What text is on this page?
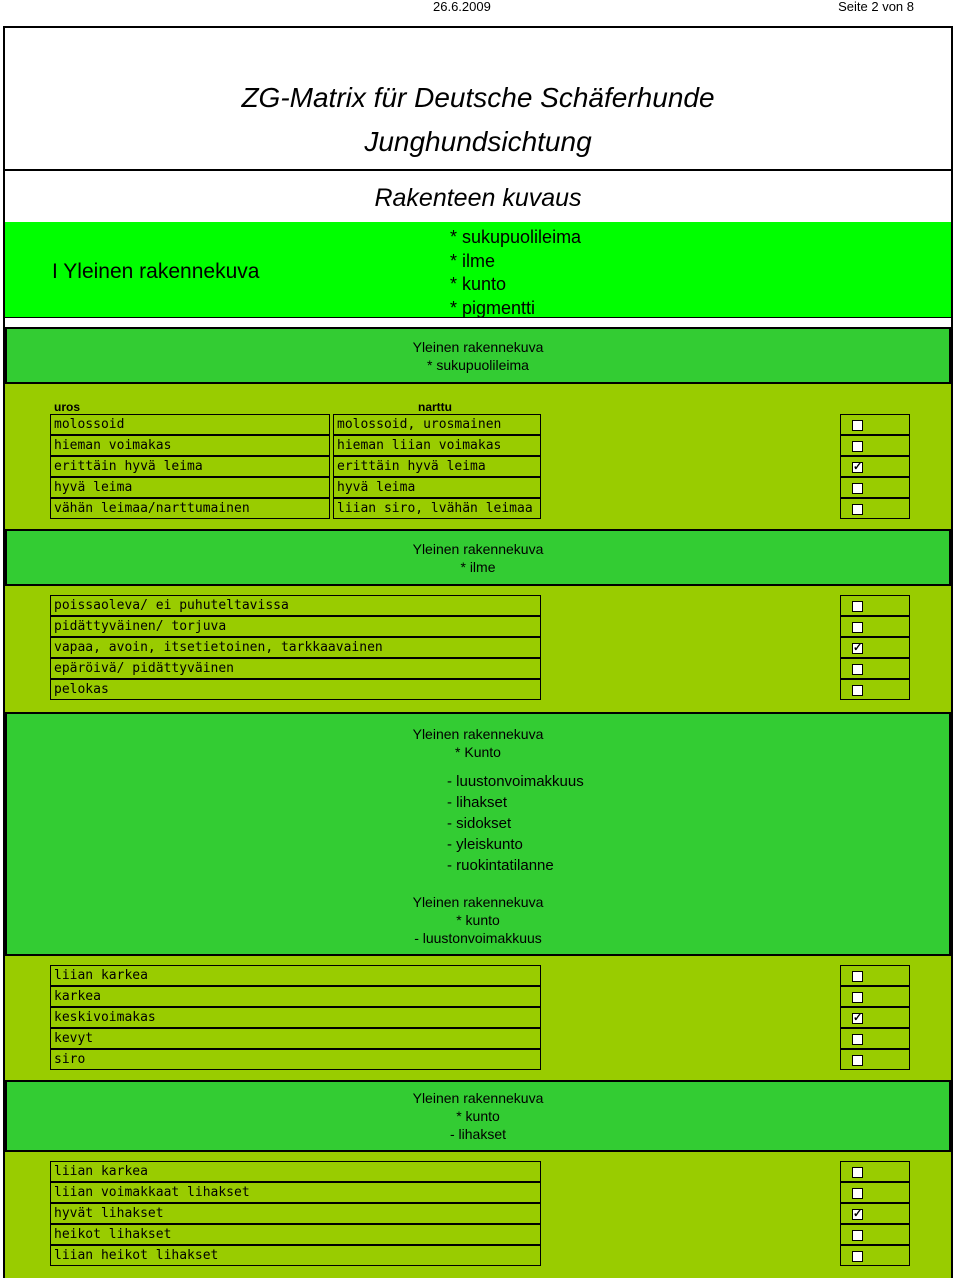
26.6.2009	Seite 2 von 8
ZG-Matrix für Deutsche Schäferhunde
Junghundsichtung
Rakenteen kuvaus
I Yleinen rakennekuva
* sukupuolileima
* ilme
* kunto
* pigmentti
Yleinen rakennekuva
* sukupuolileima
uros	narttu
molossoid	molossoid, urosmainen
hieman voimakas	hieman liian voimakas
erittäin hyvä leima	erittäin hyvä leima	✓
hyvä leima	hyvä leima
vähän leimaa/narttumainen	liian siro, lvähän leimaa
Yleinen rakennekuva
* ilme
poissaoleva/ ei puhuteltavissa
pidättyväinen/ torjuva
vapaa, avoin, itsetietoinen, tarkkaavainen	✓
epäröivä/ pidättyväinen
pelokas
Yleinen rakennekuva
* Kunto
- luustonvoimakkuus
- lihakset
- sidokset
- yleiskunto
- ruokintatilanne
Yleinen rakennekuva
* kunto
- luustonvoimakkuus
liian karkea
karkea
keskivoimakas	✓
kevyt
siro
Yleinen rakennekuva
* kunto
- lihakset
liian karkea
liian voimakkaat lihakset
hyvät lihakset	✓
heikot lihakset
liian heikot lihakset
